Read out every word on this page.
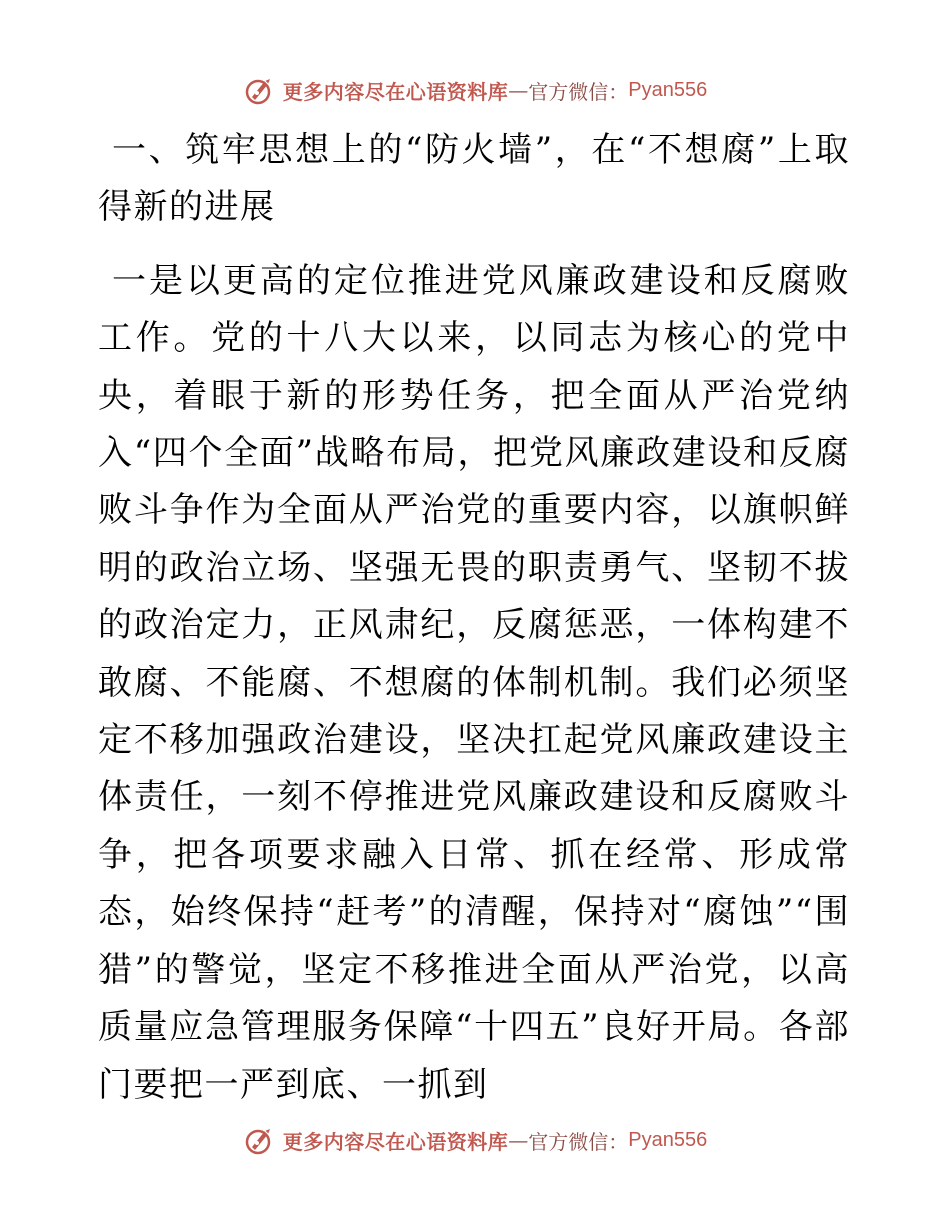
更多内容尽在心语资料库 — 官方微信： Pyan556
一、筑牢思想上的“防火墙”，在“不想腐”上取得新的进展

一是以更高的定位推进党风廉政建设和反腐败工作。党的十八大以来，以同志为核心的党中央，着眼于新的形势任务，把全面从严治党纳入“四个全面”战略布局，把党风廉政建设和反腐败斗争作为全面从严治党的重要内容，以旗帜鲜明的政治立场、坚强无畏的职责勇气、坚韧不拔的政治定力，正风肃纪，反腐惩恶，一体构建不敢腐、不能腐、不想腐的体制机制。我们必须坚定不移加强政治建设，坚决扛起党风廉政建设主体责任，一刻不停推进党风廉政建设和反腐败斗争，把各项要求融入日常、抓在经常、形成常态，始终保持“赶考”的清醒，保持对“腐蚀”“围猎”的警觉，坚定不移推进全面从严治党，以高质量应急管理服务保障“十四五”良好开局。各部门要把一严到底、一抓到

更多内容尽在心语资料库 — 官方微信： Pyan556
